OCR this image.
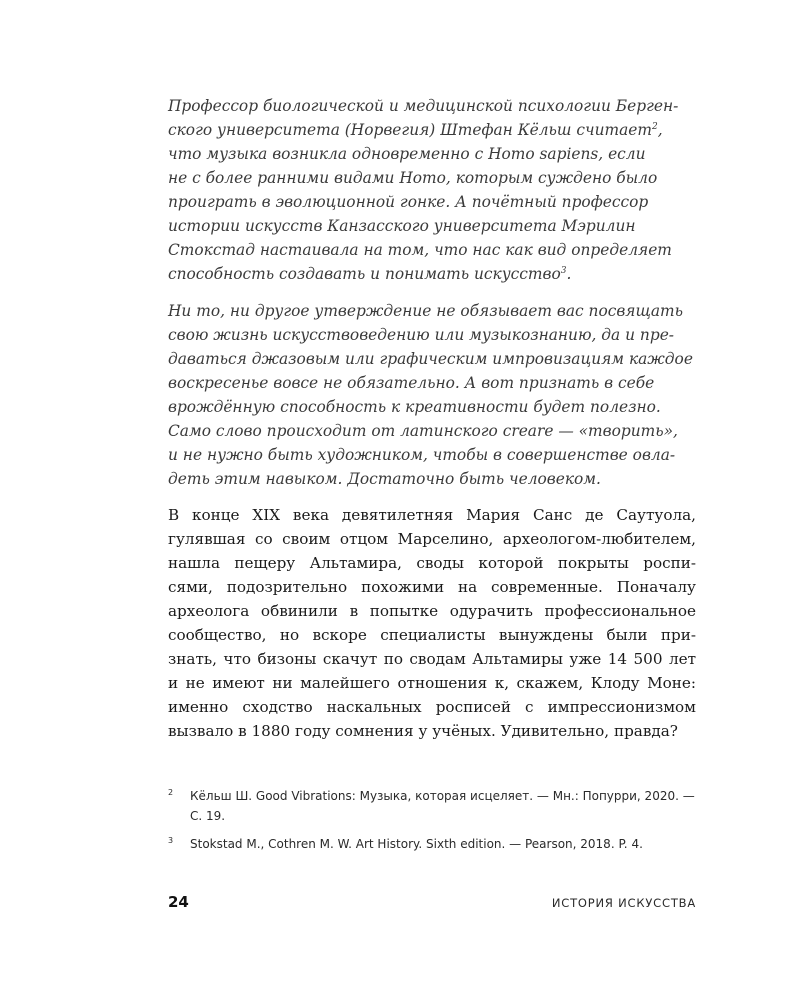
Профессор биологической и медицинской психологии Берген-
ского университета (Норвегия) Штефан Кёльш считает$^2$,
что музыка возникла одновременно с Homo sapiens, если
не с более ранними видами Homo, которым суждено было
проиграть в эволюционной гонке. А почётный профессор
истории искусств Канзасского университета Мэрилин
Стокстад настаивала на том, что нас как вид определяет
способность создавать и понимать искусство$^3$.

Ни то, ни другое утверждение не обязывает вас посвящать
свою жизнь искусствоведению или музыкознанию, да и пре-
даваться джазовым или графическим импровизациям каждое
воскресенье вовсе не обязательно. А вот признать в себе
врождённую способность к креативности будет полезно.
Само слово происходит от латинского creare — «творить»,
и не нужно быть художником, чтобы в совершенстве овла-
деть этим навыком. Достаточно быть человеком.

В конце XIX века девятилетняя Мария Санс де Саутуола,
гулявшая со своим отцом Марселино, археологом-любителем,
нашла пещеру Альтамира, своды которой покрыты роспи-
сями, подозрительно похожими на современные. Поначалу
археолога обвинили в попытке одурачить профессиональное
сообщество, но вскоре специалисты вынуждены были при-
знать, что бизоны скачут по сводам Альтамиры уже 14 500 лет
и не имеют ни малейшего отношения к, скажем, Клоду Моне:
именно сходство наскальных росписей с импрессионизмом
вызвало в 1880 году сомнения у учёных. Удивительно, правда?
2 Кёльш Ш. Good Vibrations: Музыка, которая исцеляет. — Мн.: Попурри, 2020. — С. 19.
3 Stokstad M., Cothren M. W. Art History. Sixth edition. — Pearson, 2018. P. 4.
24	ИСТОРИЯ ИСКУССТВА
